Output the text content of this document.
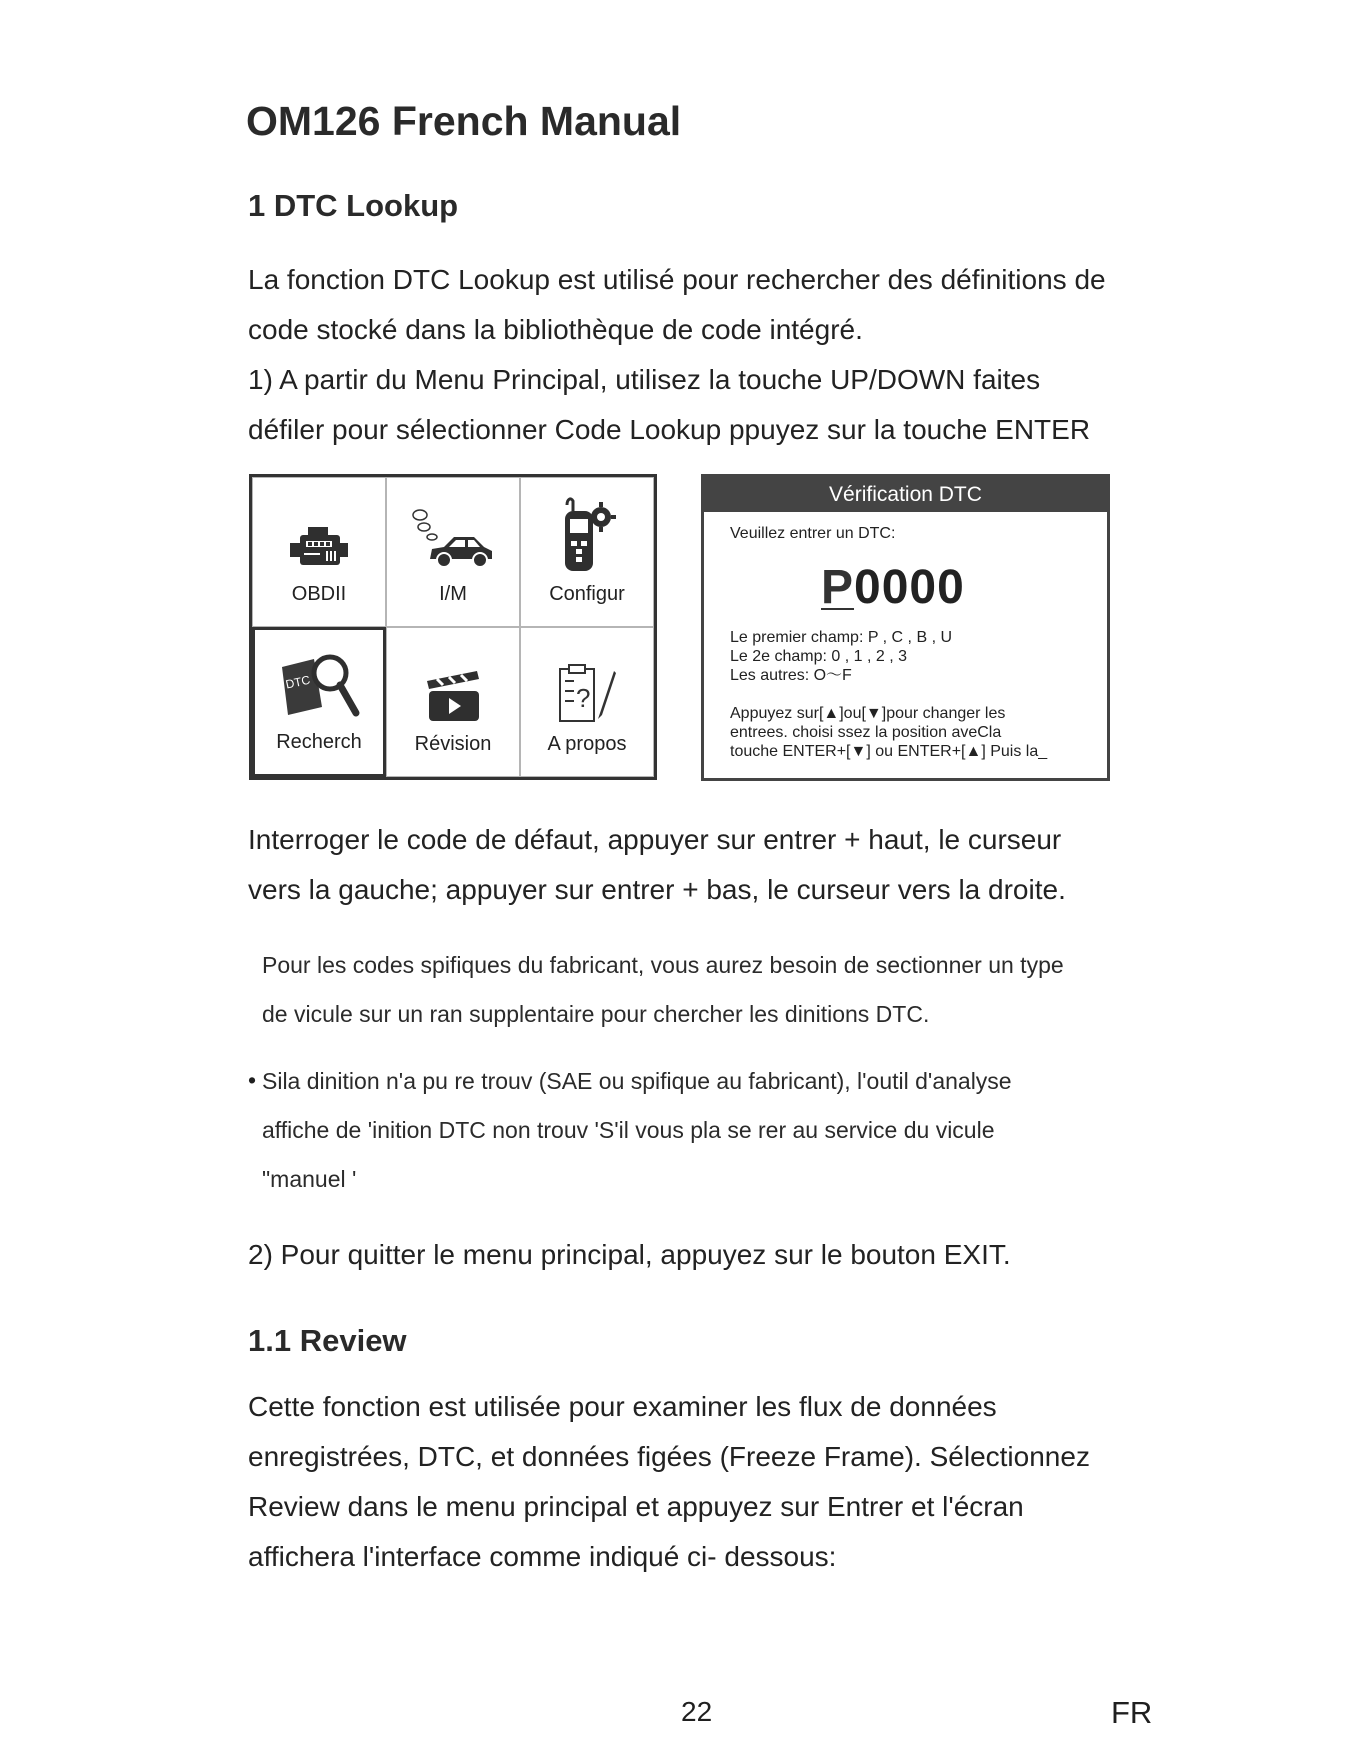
OM126 French Manual
1 DTC Lookup
La fonction DTC Lookup est utilisé pour rechercher des définitions de
code stocké dans la bibliothèque de code intégré.
1) A partir du Menu Principal, utilisez la touche UP/DOWN faites
défiler pour sélectionner Code Lookup ppuyez sur la touche ENTER
OBDII	I/M	Configur
DTC
Recherch	Révision
?
A propos
Vérification DTC
Veuillez entrer un DTC:
P0000
Le premier champ: P , C , B , U
Le 2e champ: 0 , 1 , 2 , 3
Les autres: O～F
Appuyez sur[▲]ou[▼]pour changer les
entrees. choisi ssez la position aveCla
touche ENTER+[▼] ou ENTER+[▲] Puis la_
Interroger le code de défaut, appuyer sur entrer + haut, le curseur
vers la gauche; appuyer sur entrer + bas, le curseur vers la droite.
Pour les codes spifiques du fabricant, vous aurez besoin de sectionner un type
de vicule sur un ran supplentaire pour chercher les dinitions DTC.
• Sila dinition n'a pu re trouv (SAE ou spifique au fabricant), l'outil d'analyse
affiche de 'inition DTC non trouv 'S'il vous pla se rer au service du vicule
"manuel '
2) Pour quitter le menu principal, appuyez sur le bouton EXIT.
1.1 Review
Cette fonction est utilisée pour examiner les flux de données
enregistrées, DTC, et données figées (Freeze Frame). Sélectionnez
Review dans le menu principal et appuyez sur Entrer et l'écran
affichera l'interface comme indiqué ci- dessous:
22	FR
